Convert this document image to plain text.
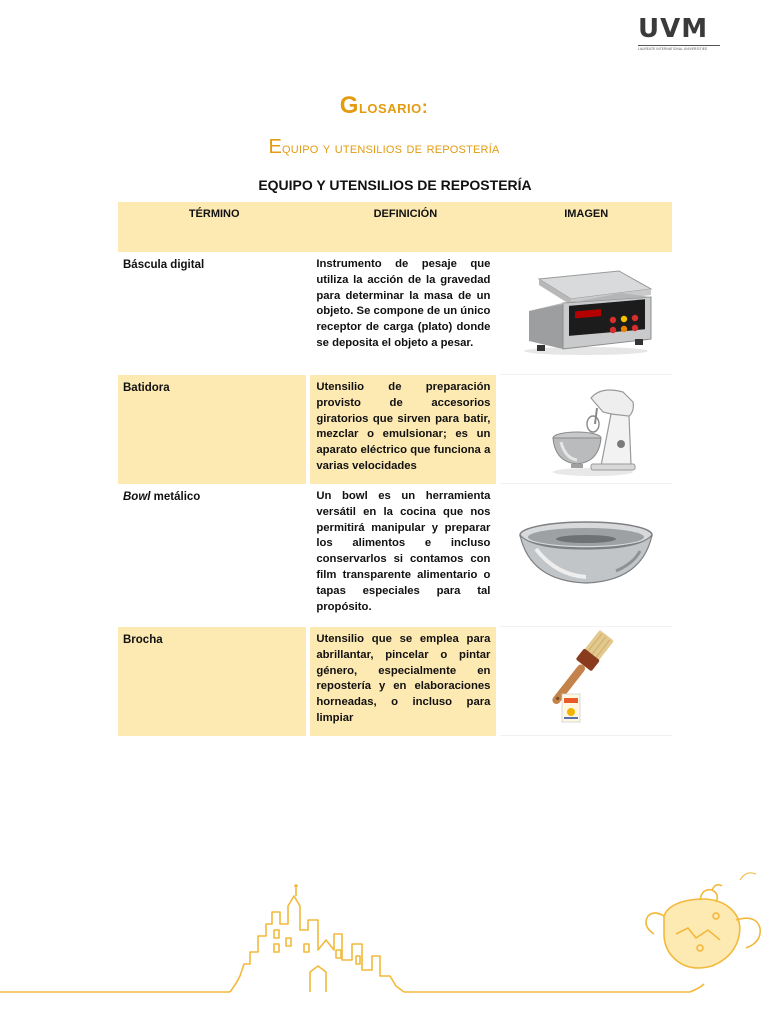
UVM
LAUREATE INTERNATIONAL UNIVERSITIES
Glosario:
Equipo y utensilios de repostería
EQUIPO Y UTENSILIOS DE REPOSTERÍA
TÉRMINO	DEFINICIÓN	IMAGEN
Báscula digital	Instrumento de pesaje que utiliza la acción de la gravedad para determinar la masa de un objeto. Se compone de un único receptor de carga (plato) donde se deposita el objeto a pesar.	
Batidora	Utensilio de preparación provisto de accesorios giratorios que sirven para batir, mezclar o emulsionar; es un aparato eléctrico que funciona a varias velocidades	
Bowl metálico	Un bowl es un herramienta versátil en la cocina que nos permitirá manipular y preparar los alimentos e incluso conservarlos si contamos con film transparente alimentario o tapas especiales para tal propósito.	
Brocha	Utensilio que se emplea para abrillantar, pincelar o pintar género, especialmente en repostería y en elaboraciones horneadas, o incluso para limpiar	
